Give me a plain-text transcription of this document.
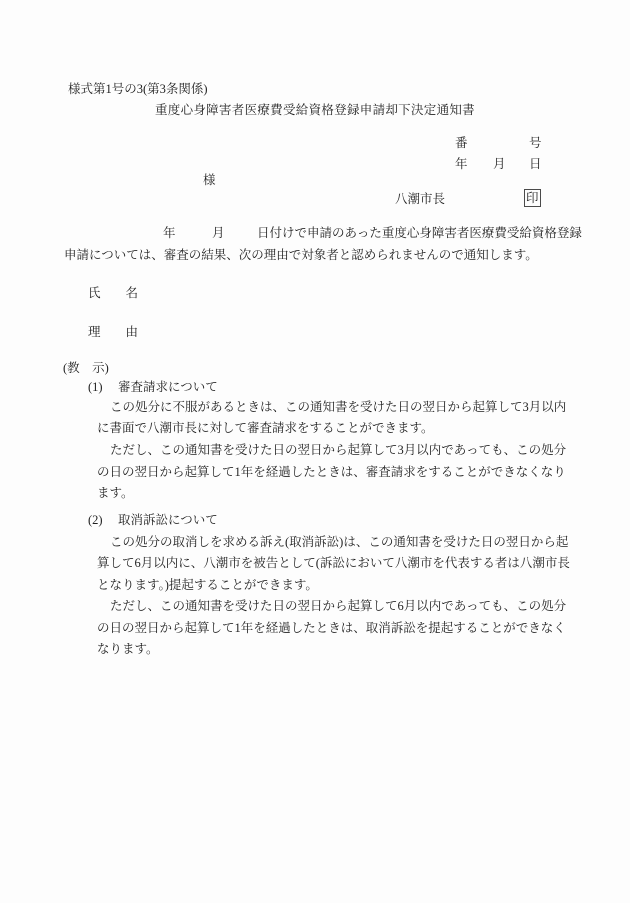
様式第1号の3(第3条関係)
重度心身障害者医療費受給資格登録申請却下決定通知書
番	号
年 月 日
様
八潮市長	印
年	月	日付けで申請のあった重度心身障害者医療費受給資格登録
申請については、審査の結果、次の理由で対象者と認められませんので通知します。
氏　　名
理　　由
(教　示)
(1) 審査請求について
この処分に不服があるときは、この通知書を受けた日の翌日から起算して3月以内
に書面で八潮市長に対して審査請求をすることができます。
ただし、この通知書を受けた日の翌日から起算して3月以内であっても、この処分
の日の翌日から起算して1年を経過したときは、審査請求をすることができなくなり
ます。
(2) 取消訴訟について
この処分の取消しを求める訴え(取消訴訟)は、この通知書を受けた日の翌日から起
算して6月以内に、八潮市を被告として(訴訟において八潮市を代表する者は八潮市長
となります。)提起することができます。
ただし、この通知書を受けた日の翌日から起算して6月以内であっても、この処分
の日の翌日から起算して1年を経過したときは、取消訴訟を提起することができなく
なります。
